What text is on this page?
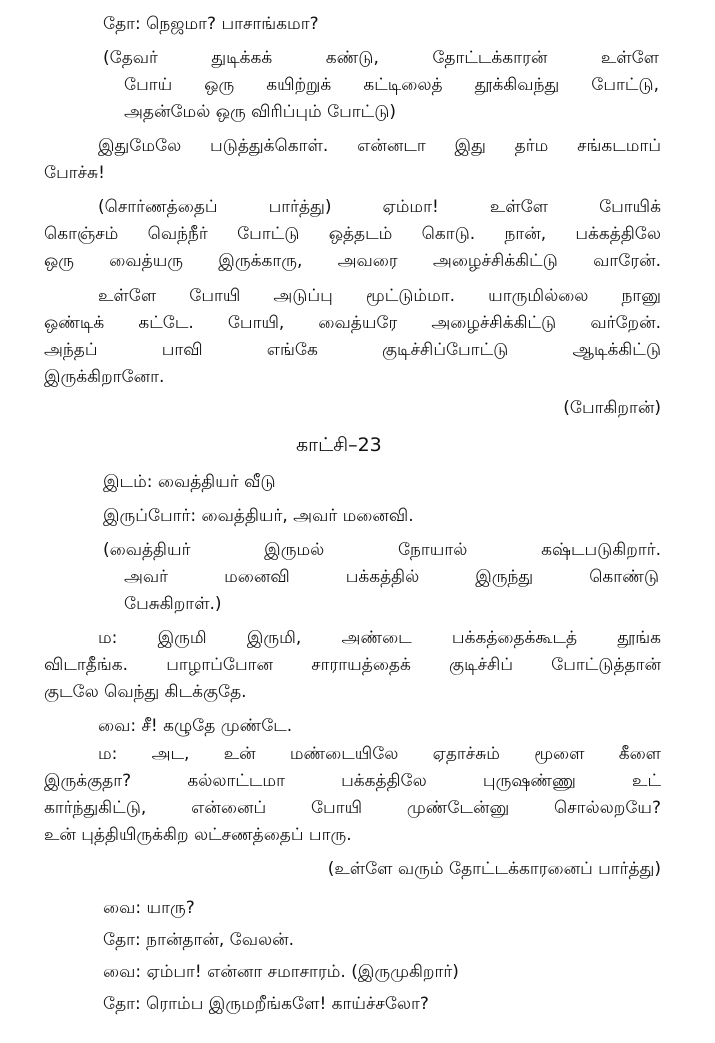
தோ: நெஜமா? பாசாங்கமா?
(தேவர் துடிக்கக் கண்டு, தோட்டக்காரன் உள்ளே
போய் ஒரு கயிற்றுக் கட்டிலைத் தூக்கிவந்து போட்டு,
அதன்மேல் ஒரு விரிப்பும் போட்டு)
இதுமேலே படுத்துக்கொள். என்னடா இது தர்ம சங்கடமாப்
போச்சு!
(சொர்ணத்தைப் பார்த்து) ஏம்மா! உள்ளே போயிக்
கொஞ்சம் வெந்நீர் போட்டு ஒத்தடம் கொடு. நான், பக்கத்திலே
ஒரு வைத்யரு இருக்காரு, அவரை அழைச்சிக்கிட்டு வாரேன்.
உள்ளே போயி அடுப்பு மூட்டும்மா. யாருமில்லை நானு
ஒண்டிக் கட்டே. போயி, வைத்யரே அழைச்சிக்கிட்டு வர்றேன்.
அந்தப் பாவி எங்கே குடிச்சிப்போட்டு ஆடிக்கிட்டு
இருக்கிறானோ.
(போகிறான்)
காட்சி–23
இடம்: வைத்தியர் வீடு
இருப்போர்: வைத்தியர், அவர் மனைவி.
(வைத்தியர் இருமல் நோயால் கஷ்டபடுகிறார்.
அவர் மனைவி பக்கத்தில் இருந்து கொண்டு
பேசுகிறாள்.)
ம: இருமி இருமி, அண்டை பக்கத்தைக்கூடத் தூங்க
விடாதீங்க. பாழாப்போன சாராயத்தைக் குடிச்சிப் போட்டுத்தான்
குடலே வெந்து கிடக்குதே.
வை: சீ! கழுதே முண்டே.
ம: அட, உன் மண்டையிலே ஏதாச்சும் மூளை கீளை
இருக்குதா? கல்லாட்டமா பக்கத்திலே புருஷண்ணு உட்
கார்ந்துகிட்டு, என்னைப் போயி முண்டேன்னு சொல்லறயே?
உன் புத்தியிருக்கிற லட்சணத்தைப் பாரு.
(உள்ளே வரும் தோட்டக்காரனைப் பார்த்து)
வை: யாரு?
தோ: நான்தான், வேலன்.
வை: ஏம்பா! என்னா சமாசாரம். (இருமுகிறார்)
தோ: ரொம்ப இருமறீங்களே! காய்ச்சலோ?
